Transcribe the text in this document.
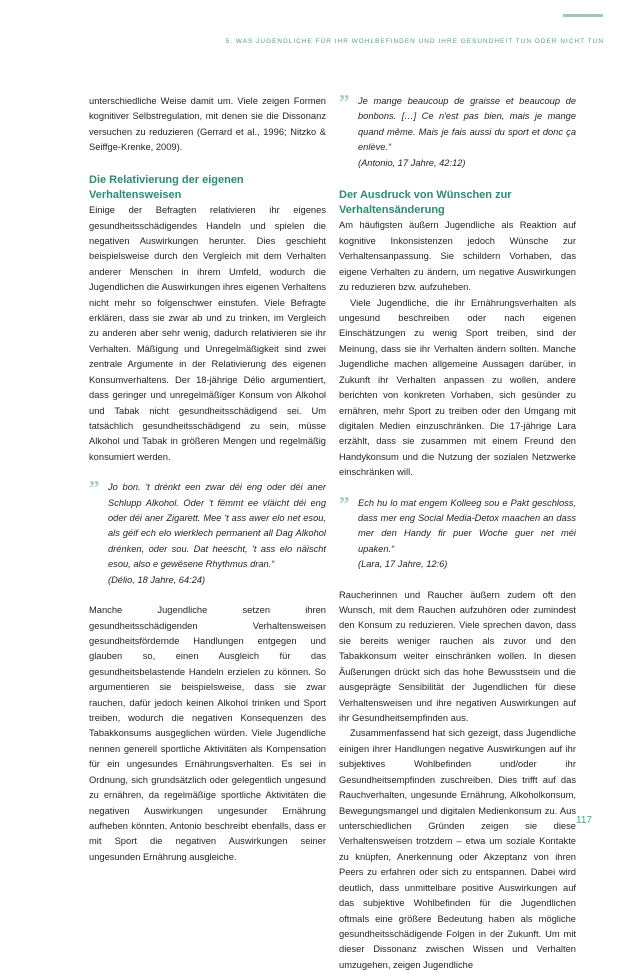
5. WAS JUGENDLICHE FÜR IHR WOHLBEFINDEN UND IHRE GESUNDHEIT TUN ODER NICHT TUN

unterschiedliche Weise damit um. Viele zeigen Formen kognitiver Selbstregulation, mit denen sie die Dissonanz versuchen zu reduzieren (Gerrard et al., 1996; Nitzko & Seiffge-Krenke, 2009).

Die Relativierung der eigenen Verhaltensweisen

Einige der Befragten relativieren ihr eigenes gesundheitsschädigendes Handeln und spielen die negativen Auswirkungen herunter. Dies geschieht beispielsweise durch den Vergleich mit dem Verhalten anderer Menschen in ihrem Umfeld, wodurch die Jugendlichen die Auswirkungen ihres eigenen Verhaltens nicht mehr so folgenschwer einstufen. Viele Befragte erklären, dass sie zwar ab und zu trinken, im Vergleich zu anderen aber sehr wenig, dadurch relativieren sie ihr Verhalten. Mäßigung und Unregelmäßigkeit sind zwei zentrale Argumente in der Relativierung des eigenen Konsumverhaltens. Der 18-jährige Délio argumentiert, dass geringer und unregelmäßiger Konsum von Alkohol und Tabak nicht gesundheitsschädigend sei. Um tatsächlich gesundheitsschädigend zu sein, müsse Alkohol und Tabak in größeren Mengen und regelmäßig konsumiert werden.

” Jo bon. 't drénkt een zwar déi eng oder déi aner Schlupp Alkohol. Oder 't fëmmt ee vläicht déi eng oder déi aner Zigarett. Mee 't ass awer elo net esou, als géif ech elo wierklech permanent all Dag Alkohol drénken, oder sou. Dat heescht, 't ass elo näischt esou, also e gewësene Rhythmus dran.“

(Délio, 18 Jahre, 64:24)

Manche Jugendliche setzen ihren gesundheitsschädigenden Verhaltensweisen gesundheitsfördernde Handlungen entgegen und glauben so, einen Ausgleich für das gesundheitsbelastende Handeln erzielen zu können. So argumentieren sie beispielsweise, dass sie zwar rauchen, dafür jedoch keinen Alkohol trinken und Sport treiben, wodurch die negativen Konsequenzen des Tabakkonsums ausgeglichen würden. Viele Jugendliche nennen generell sportliche Aktivitäten als Kompensation für ein ungesundes Ernährungsverhalten. Es sei in Ordnung, sich grundsätzlich oder gelegentlich ungesund zu ernähren, da regelmäßige sportliche Aktivitäten die negativen Auswirkungen ungesunder Ernährung aufheben könnten. Antonio beschreibt ebenfalls, dass er mit Sport die negativen Auswirkungen seiner ungesunden Ernährung ausgleiche.

” Je mange beaucoup de graisse et beaucoup de bonbons. […] Ce n'est pas bien, mais je mange quand même. Mais je fais aussi du sport et donc ça enlève.“

(Antonio, 17 Jahre, 42:12)

Der Ausdruck von Wünschen zur Verhaltensänderung

Am häufigsten äußern Jugendliche als Reaktion auf kognitive Inkonsistenzen jedoch Wünsche zur Verhaltensanpassung. Sie schildern Vorhaben, das eigene Verhalten zu ändern, um negative Auswirkungen zu reduzieren bzw. aufzuheben.

Viele Jugendliche, die ihr Ernährungsverhalten als ungesund beschreiben oder nach eigenen Einschätzungen zu wenig Sport treiben, sind der Meinung, dass sie ihr Verhalten ändern sollten. Manche Jugendliche machen allgemeine Aussagen darüber, in Zukunft ihr Verhalten anpassen zu wollen, andere berichten von konkreten Vorhaben, sich gesünder zu ernähren, mehr Sport zu treiben oder den Umgang mit digitalen Medien einzuschränken. Die 17-jährige Lara erzählt, dass sie zusammen mit einem Freund den Handykonsum und die Nutzung der sozialen Netzwerke einschränken will.

” Ech hu lo mat engem Kolleeg sou e Pakt geschloss, dass mer eng Social Media-Detox maachen an dass mer den Handy fir puer Woche guer net méi upaken.“

(Lara, 17 Jahre, 12:6)

Raucherinnen und Raucher äußern zudem oft den Wunsch, mit dem Rauchen aufzuhören oder zumindest den Konsum zu reduzieren. Viele sprechen davon, dass sie bereits weniger rauchen als zuvor und den Tabakkonsum weiter einschränken wollen. In diesen Äußerungen drückt sich das hohe Bewusstsein und die ausgeprägte Sensibilität der Jugendlichen für diese Verhaltensweisen und ihre negativen Auswirkungen auf ihr Gesundheitsempfinden aus.

Zusammenfassend hat sich gezeigt, dass Jugendliche einigen ihrer Handlungen negative Auswirkungen auf ihr subjektives Wohlbefinden und/oder ihr Gesundheitsempfinden zuschreiben. Dies trifft auf das Rauchverhalten, ungesunde Ernährung, Alkoholkonsum, Bewegungsmangel und digitalen Medienkonsum zu. Aus unterschiedlichen Gründen zeigen sie diese Verhaltensweisen trotzdem – etwa um soziale Kontakte zu knüpfen, Anerkennung oder Akzeptanz von ihren Peers zu erfahren oder sich zu entspannen. Dabei wird deutlich, dass unmittelbare positive Auswirkungen auf das subjektive Wohlbefinden für die Jugendlichen oftmals eine größere Bedeutung haben als mögliche gesundheitsschädigende Folgen in der Zukunft. Um mit dieser Dissonanz zwischen Wissen und Verhalten umzugehen, zeigen Jugendliche

117
